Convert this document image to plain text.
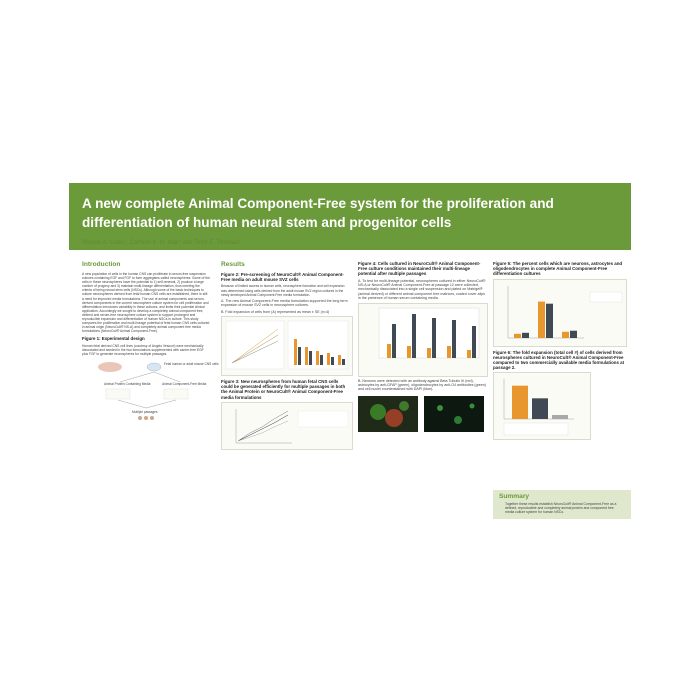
A new complete Animal Component-Free system for the proliferation and differentiation of human neural stem and progenitor cells
Sharon A. Louis¹, Carmen K. H. Mak¹ and Terry E. Thomas¹
Introduction
A new population of cells in the human CNS can proliferate in serum-free suspension cultures containing EGF and FGF to form aggregates called neurospheres. Some of the cells in these neurospheres have the potential to 1) self-renewal, 2) produce a large number of progeny and 3) maintain multi-lineage differentiation, thus meeting the criteria of being neural stem cells (NSCs). Although some of the basic techniques to culture neurospheres derived from fetal human CNS cells are established, there is still a need for improved media formulations. The use of animal components and serum-derived components in the current neurosphere culture system for cell proliferation and differentiation introduces variability in these cultures, and limits their potential clinical application. Accordingly we sought to develop a completely animal component free, defined and serum-free neurosphere culture system to support prolonged and reproducible expansion and differentiation of human NSCs in culture. This study compares the proliferation and multi-lineage potential of fetal human CNS cells cultured in animal origin (NeuroCult® NS-A) and completely animal component free media formulations (NeuroCult® Animal Component-Free).
Figure 1: Experimental design
Human fetal derived CNS cell lines (courtesy of Angelo Vescovi) were mechanically dissociated and seeded in the two formulations supplemented with carrier-free EGF plus FGF to generate neurospheres for multiple passages.
Fetal human or adult mouse CNS cells
Animal Protein Containing Media	Animal Component-Free Media
Multiple passages
Results
Figure 2: Pre-screening of NeuroCult® Animal Component-Free media on adult mouse SVZ cells
Because of limited access to human cells, neurosphere formation and cell expansion was determined using cells derived from the adult mouse SVZ region cultured in the newly developed Animal Component-Free media formulation.
A. The new Animal Component-Free media formulation supported the long term expansion of mouse SVZ cells in neurosphere cultures.
B. Fold expansion of cells from (A) represented as mean ± SE (n=4)
Figure 3: New neurospheres from human fetal CNS cells could be generated efficiently for multiple passages in both the Animal Protein or NeuroCult® Animal Component-Free media formulations
Figure 4: Cells cultured in NeuroCult® Animal Component-Free culture conditions maintained their multi-lineage potential after multiple passages
A. To test for multi-lineage potential, neurospheres cultured in either NeuroCult® NS-A or NeuroCult® Animal Component-Free at passage 12 were collected, mechanically dissociated into a single cell suspension and plated on Matrigel® (animal derived) or different animal component free matrices, coated cover-slips in the presence of human serum containing media.
B. Neurons were detected with an antibody against Beta Tubulin III (red), astrocytes by anti-GFAP (green), oligodendrocytes by anti-O4 antibodies (green) and cell nuclei counterstained with DAPI (blue).
Figure 5: The percent cells which are neurons, astrocytes and oligodendrocytes in complete Animal Component-Free differentiation cultures
Figure 6: The fold expansion (total cell #) of cells derived from neurospheres cultured in NeuroCult® Animal Component-Free compared to two commercially available media formulations at passage 2.
Summary
Together these results establish NeuroCult® Animal Component-Free as a defined, reproducible and completely animal protein and component free media culture system for human NSCs.
